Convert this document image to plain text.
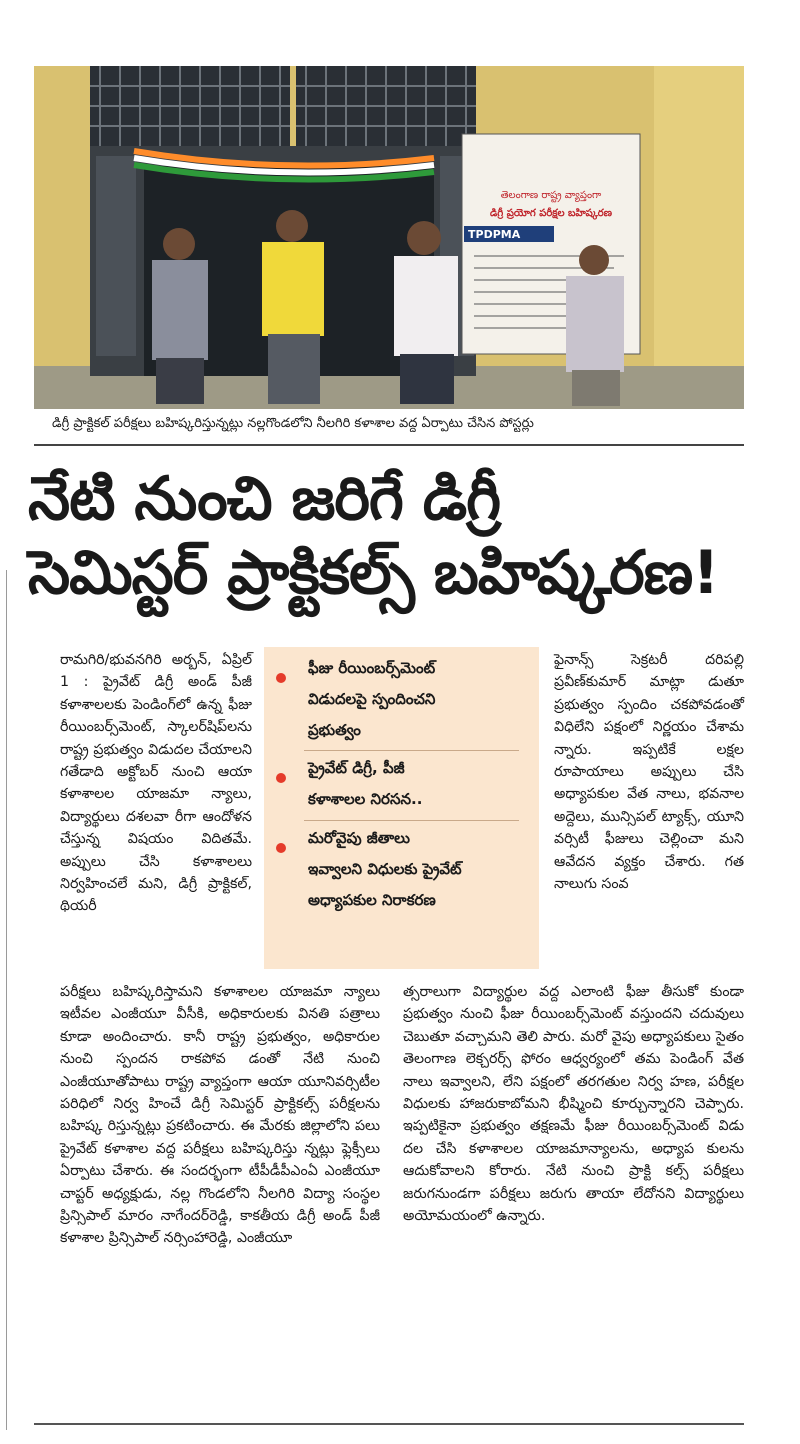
తెలంగాణ రాష్ట్ర వ్యాప్తంగా
డిగ్రీ ప్రయోగ పరీక్షల బహిష్కరణ
TPDPMA
డిగ్రీ ప్రాక్టికల్ పరీక్షలు బహిష్కరిస్తున్నట్లు నల్లగొండలోని నీలగిరి కళాశాల వద్ద ఏర్పాటు చేసిన పోస్టర్లు
నేటి నుంచి జరిగే డిగ్రీ
సెమిస్టర్ ప్రాక్టికల్స్ బహిష్కరణ!

రామగిరి/భువనగిరి అర్బన్, ఏప్రిల్ 1 : ప్రైవేట్ డిగ్రీ అండ్ పీజీ కళాశాలలకు పెండింగ్‌లో ఉన్న ఫీజు రీయింబర్స్‌మెంట్, స్కాలర్‌షిప్‌లను రాష్ట్ర ప్రభుత్వం విడుదల చేయాలని గతేడాది అక్టోబర్ నుంచి ఆయా కళాశాలల యాజమా న్యాలు, విద్యార్థులు దశలవా రీగా ఆందోళన చేస్తున్న విషయం విదితమే. అప్పులు చేసి కళాశాలలు నిర్వహించలే మని, డిగ్రీ ప్రాక్టికల్, థియరీ

ఫీజు రీయింబర్స్‌మెంట్
విడుదలపై స్పందించని
ప్రభుత్వం
ప్రైవేట్ డిగ్రీ, పీజీ
కళాశాలల నిరసన..
మరోవైపు జీతాలు
ఇవ్వాలని విధులకు ప్రైవేట్
అధ్యాపకుల నిరాకరణ

ఫైనాన్స్ సెక్రటరీ దరిపల్లి ప్రవీణ్‌కుమార్ మాట్లా డుతూ ప్రభుత్వం స్పందిం చకపోవడంతో విధిలేని పక్షంలో నిర్ణయం చేశామ న్నారు. ఇప్పటికే లక్షల రూపాయాలు అప్పులు చేసి అధ్యాపకుల వేత నాలు, భవనాల అద్దెలు, మున్సిపల్ ట్యాక్స్, యూని వర్సిటీ ఫీజులు చెల్లించా మని ఆవేదన వ్యక్తం చేశారు. గత నాలుగు సంవ

పరీక్షలు బహిష్కరిస్తామని కళాశాలల యాజమా న్యాలు ఇటీవల ఎంజీయూ వీసీకి, అధికారులకు వినతి పత్రాలు కూడా అందించారు. కానీ రాష్ట్ర ప్రభుత్వం, అధికారుల నుంచి స్పందన రాకపోవ డంతో నేటి నుంచి ఎంజీయూతోపాటు రాష్ట్ర వ్యాప్తంగా ఆయా యూనివర్సిటీల పరిధిలో నిర్వ హించే డిగ్రీ సెమిస్టర్ ప్రాక్టికల్స్ పరీక్షలను బహిష్క రిస్తున్నట్లు ప్రకటించారు. ఈ మేరకు జిల్లాలోని పలు ప్రైవేట్ కళాశాల వద్ద పరీక్షలు బహిష్కరిస్తు న్నట్లు ఫ్లెక్సీలు ఏర్పాటు చేశారు. ఈ సందర్భంగా టీపీడీపీఎంఏ ఎంజీయూ చాప్టర్ అధ్యక్షుడు, నల్ల గొండలోని నీలగిరి విద్యా సంస్థల ప్రిన్సిపాల్ మారం నాగేందర్‌రెడ్డి, కాకతీయ డిగ్రీ అండ్ పీజీ కళాశాల ప్రిన్సిపాల్ నర్సింహారెడ్డి, ఎంజీయూ

త్సరాలుగా విద్యార్థుల వద్ద ఎలాంటి ఫీజు తీసుకో కుండా ప్రభుత్వం నుంచి ఫీజు రీయింబర్స్‌మెంట్ వస్తుందని చదువులు చెబుతూ వచ్చామని తెలి పారు. మరో వైపు అధ్యాపకులు సైతం తెలంగాణ లెక్చరర్స్ ఫోరం ఆధ్వర్యంలో తమ పెండింగ్ వేత నాలు ఇవ్వాలని, లేని పక్షంలో తరగతుల నిర్వ హణ, పరీక్షల విధులకు హాజరుకాబోమని భీష్మించి కూర్చున్నారని చెప్పారు. ఇప్పటికైనా ప్రభుత్వం తక్షణమే ఫీజు రీయింబర్స్‌మెంట్ విడు దల చేసి కళాశాలల యాజమాన్యాలను, అధ్యాప కులను ఆదుకోవాలని కోరారు. నేటి నుంచి ప్రాక్టి కల్స్ పరీక్షలు జరుగనుండగా పరీక్షలు జరుగు తాయా లేదోనని విద్యార్థులు అయోమయంలో ఉన్నారు.
